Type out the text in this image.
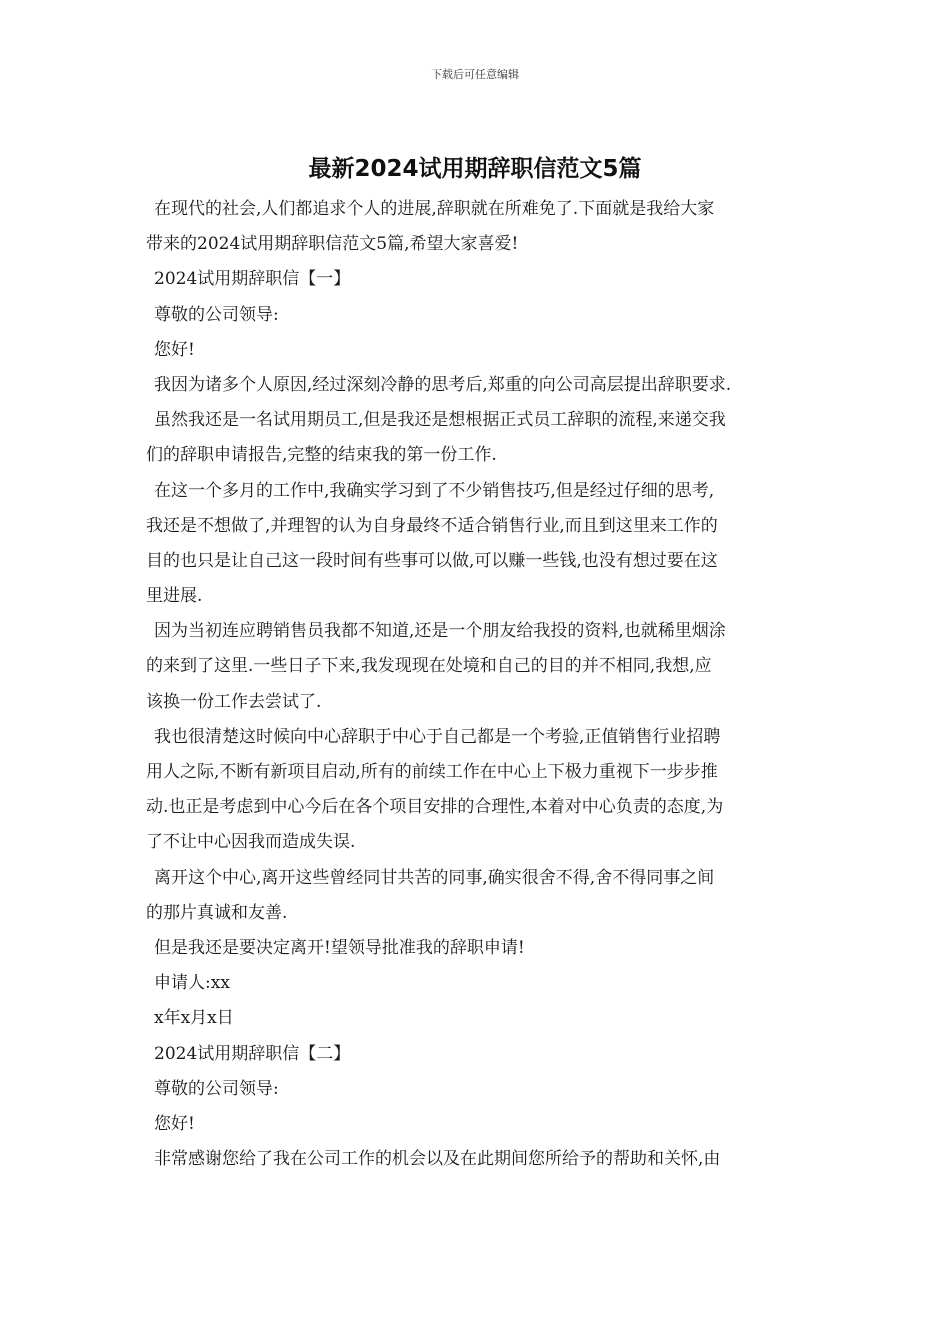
下载后可任意编辑
最新2024试用期辞职信范文5篇
在现代的社会,人们都追求个人的进展,辞职就在所难免了.下面就是我给大家
带来的2024试用期辞职信范文5篇,希望大家喜爱!
2024试用期辞职信【一】
尊敬的公司领导:
您好!
我因为诸多个人原因,经过深刻冷静的思考后,郑重的向公司高层提出辞职要求.
虽然我还是一名试用期员工,但是我还是想根据正式员工辞职的流程,来递交我
们的辞职申请报告,完整的结束我的第一份工作.
在这一个多月的工作中,我确实学习到了不少销售技巧,但是经过仔细的思考,
我还是不想做了,并理智的认为自身最终不适合销售行业,而且到这里来工作的
目的也只是让自己这一段时间有些事可以做,可以赚一些钱,也没有想过要在这
里进展.
因为当初连应聘销售员我都不知道,还是一个朋友给我投的资料,也就稀里烟涂
的来到了这里.一些日子下来,我发现现在处境和自己的目的并不相同,我想,应
该换一份工作去尝试了.
我也很清楚这时候向中心辞职于中心于自己都是一个考验,正值销售行业招聘
用人之际,不断有新项目启动,所有的前续工作在中心上下极力重视下一步步推
动.也正是考虑到中心今后在各个项目安排的合理性,本着对中心负责的态度,为
了不让中心因我而造成失误.
离开这个中心,离开这些曾经同甘共苦的同事,确实很舍不得,舍不得同事之间
的那片真诚和友善.
但是我还是要决定离开!望领导批准我的辞职申请!
申请人:xx
x年x月x日
2024试用期辞职信【二】
尊敬的公司领导:
您好!
非常感谢您给了我在公司工作的机会以及在此期间您所给予的帮助和关怀,由
